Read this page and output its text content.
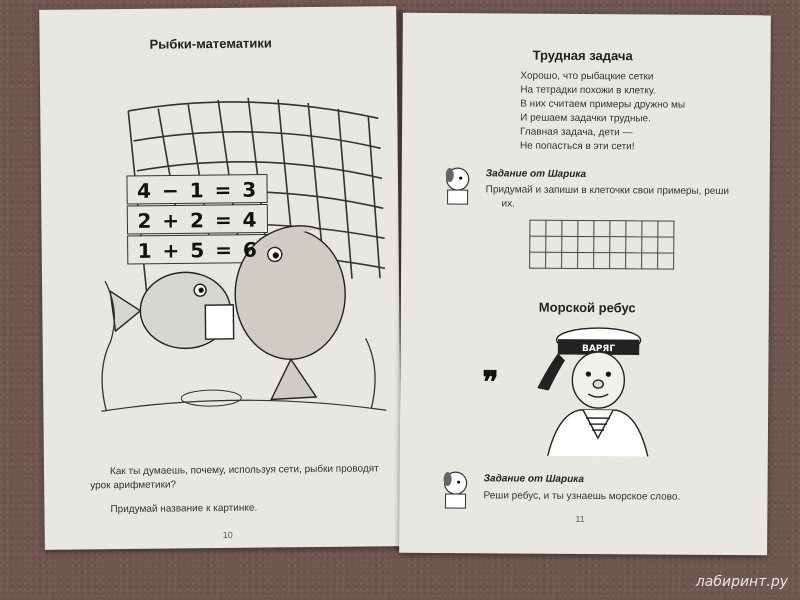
Рыбки-математики
4 − 1 = 3
2 + 2 = 4
1 + 5 = 6
Как ты думаешь, почему, используя сети, рыбки проводят
урок арифметики?
Придумай название к картинке.
10
Трудная задача
Хорошо, что рыбацкие сетки
На тетрадки похожи в клетку.
В них считаем примеры дружно мы
И решаем задачки трудные.
Главная задача, дети —
Не попасться в эти сети!
Задание от Шарика
Придумай и запиши в клеточки свои примеры, реши
их.

Морской ребус
❞
ВАРЯГ
Задание от Шарика
Реши ребус, и ты узнаешь морское слово.
11
лабиринт.ру
